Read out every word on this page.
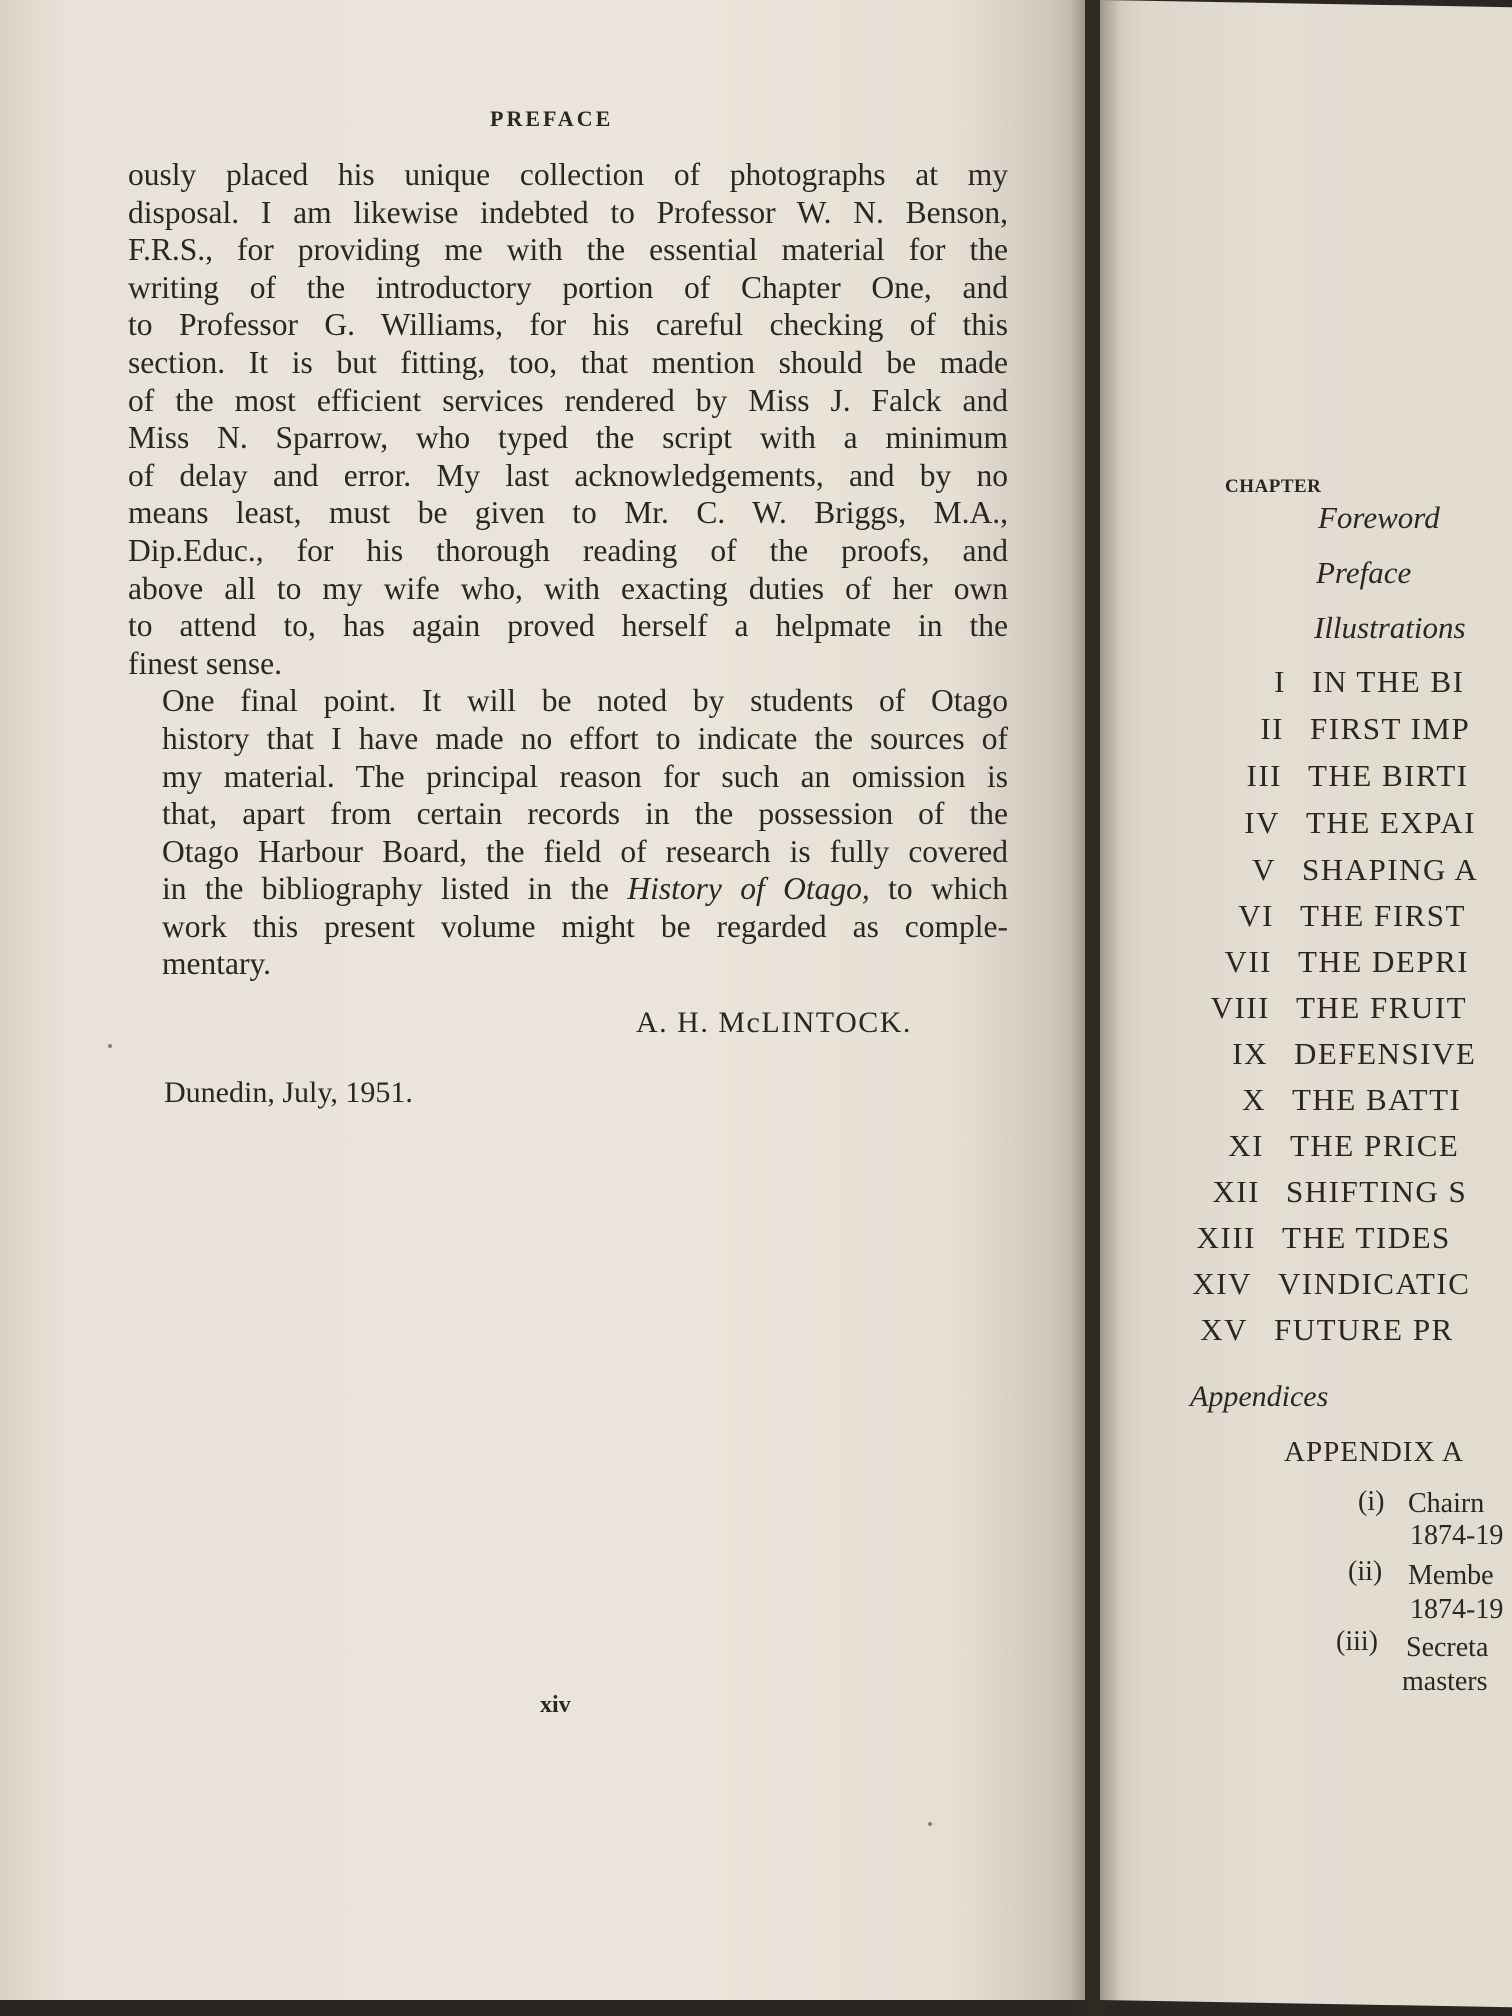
PREFACE

ously placed his unique collection of photographs at my
disposal. I am likewise indebted to Professor W. N. Benson,
F.R.S., for providing me with the essential material for the
writing of the introductory portion of Chapter One, and
to Professor G. Williams, for his careful checking of this
section. It is but fitting, too, that mention should be made
of the most efficient services rendered by Miss J. Falck and
Miss N. Sparrow, who typed the script with a minimum
of delay and error. My last acknowledgements, and by no
means least, must be given to Mr. C. W. Briggs, M.A.,
Dip.Educ., for his thorough reading of the proofs, and
above all to my wife who, with exacting duties of her own
to attend to, has again proved herself a helpmate in the
finest sense.

One final point. It will be noted by students of Otago
history that I have made no effort to indicate the sources of
my material. The principal reason for such an omission is
that, apart from certain records in the possession of the
Otago Harbour Board, the field of research is fully covered
in the bibliography listed in the History of Otago, to which
work this present volume might be regarded as comple-
mentary.

A. H. McLINTOCK.
Dunedin, July, 1951.
xiv
CHAPTER
Foreword
Preface
Illustrations
I IN THE BI
II FIRST IMP
III THE BIRTI
IV THE EXPAI
V SHAPING A
VI THE FIRST
VII THE DEPRI
VIII THE FRUIT
IX DEFENSIVE
X THE BATTI
XI THE PRICE
XII SHIFTING S
XIII THE TIDES
XIV VINDICATIC
XV FUTURE PR
Appendices
APPENDIX A
(i) Chairn
1874-19
(ii) Membe
1874-19
(iii) Secreta
masters
